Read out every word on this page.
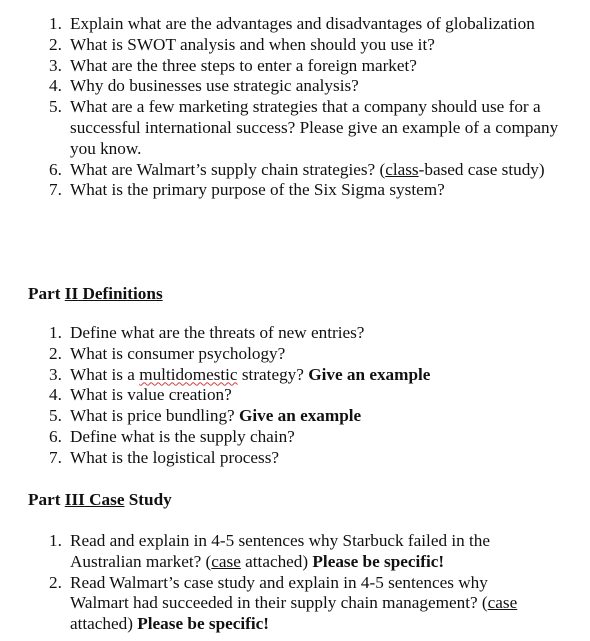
1. Explain what are the advantages and disadvantages of globalization
2. What is SWOT analysis and when should you use it?
3. What are the three steps to enter a foreign market?
4. Why do businesses use strategic analysis?
5. What are a few marketing strategies that a company should use for a successful international success? Please give an example of a company you know.
6. What are Walmart’s supply chain strategies? (class-based case study)
7. What is the primary purpose of the Six Sigma system?
Part II Definitions
1. Define what are the threats of new entries?
2. What is consumer psychology?
3. What is a multidomestic strategy? Give an example
4. What is value creation?
5. What is price bundling? Give an example
6. Define what is the supply chain?
7. What is the logistical process?
Part III Case Study
1. Read and explain in 4-5 sentences why Starbuck failed in the Australian market? (case attached) Please be specific!
2. Read Walmart’s case study and explain in 4-5 sentences why Walmart had succeeded in their supply chain management? (case attached) Please be specific!
